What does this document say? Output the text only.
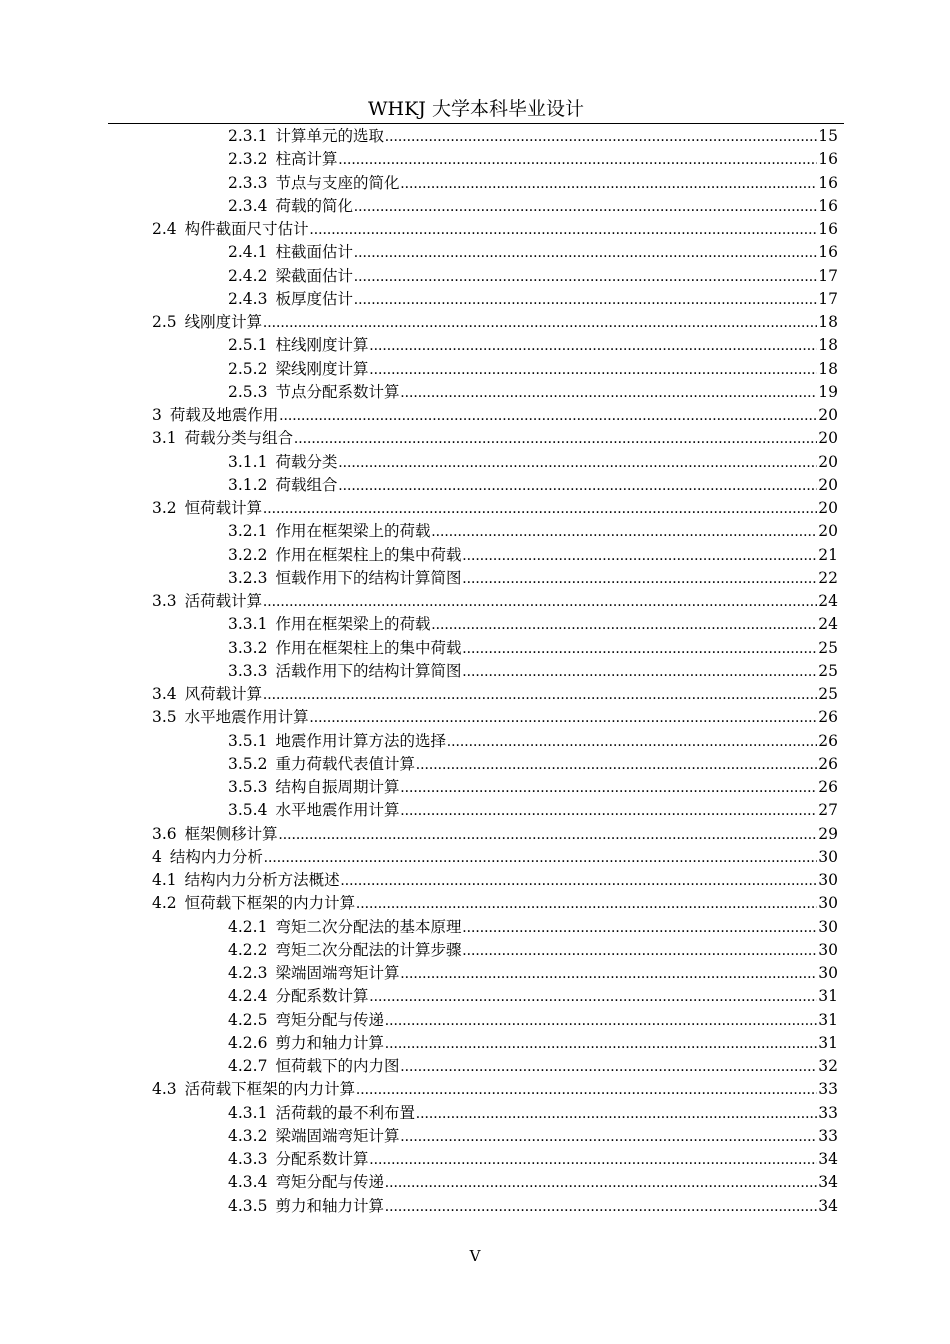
WHKJ 大学本科毕业设计
2.3.1 计算单元的选取 .....	15
2.3.2 柱高计算 .....	16
2.3.3 节点与支座的简化 .....	16
2.3.4 荷载的简化 .....	16
2.4 构件截面尺寸估计 .....	16
2.4.1 柱截面估计 .....	16
2.4.2 梁截面估计 .....	17
2.4.3 板厚度估计 .....	17
2.5 线刚度计算 .....	18
2.5.1 柱线刚度计算 .....	18
2.5.2 梁线刚度计算 .....	18
2.5.3 节点分配系数计算 .....	19
3 荷载及地震作用 .....	20
3.1 荷载分类与组合 .....	20
3.1.1 荷载分类 .....	20
3.1.2 荷载组合 .....	20
3.2 恒荷载计算 .....	20
3.2.1 作用在框架梁上的荷载 .....	20
3.2.2 作用在框架柱上的集中荷载 .....	21
3.2.3 恒载作用下的结构计算简图 .....	22
3.3 活荷载计算 .....	24
3.3.1 作用在框架梁上的荷载 .....	24
3.3.2 作用在框架柱上的集中荷载 .....	25
3.3.3 活载作用下的结构计算简图 .....	25
3.4 风荷载计算 .....	25
3.5 水平地震作用计算 .....	26
3.5.1 地震作用计算方法的选择 .....	26
3.5.2 重力荷载代表值计算 .....	26
3.5.3 结构自振周期计算 .....	26
3.5.4 水平地震作用计算 .....	27
3.6 框架侧移计算 .....	29
4 结构内力分析 .....	30
4.1 结构内力分析方法概述 .....	30
4.2 恒荷载下框架的内力计算 .....	30
4.2.1 弯矩二次分配法的基本原理 .....	30
4.2.2 弯矩二次分配法的计算步骤 .....	30
4.2.3 梁端固端弯矩计算 .....	30
4.2.4 分配系数计算 .....	31
4.2.5 弯矩分配与传递 .....	31
4.2.6 剪力和轴力计算 .....	31
4.2.7 恒荷载下的内力图 .....	32
4.3 活荷载下框架的内力计算 .....	33
4.3.1 活荷载的最不利布置 .....	33
4.3.2 梁端固端弯矩计算 .....	33
4.3.3 分配系数计算 .....	34
4.3.4 弯矩分配与传递 .....	34
4.3.5 剪力和轴力计算 .....	34
V
